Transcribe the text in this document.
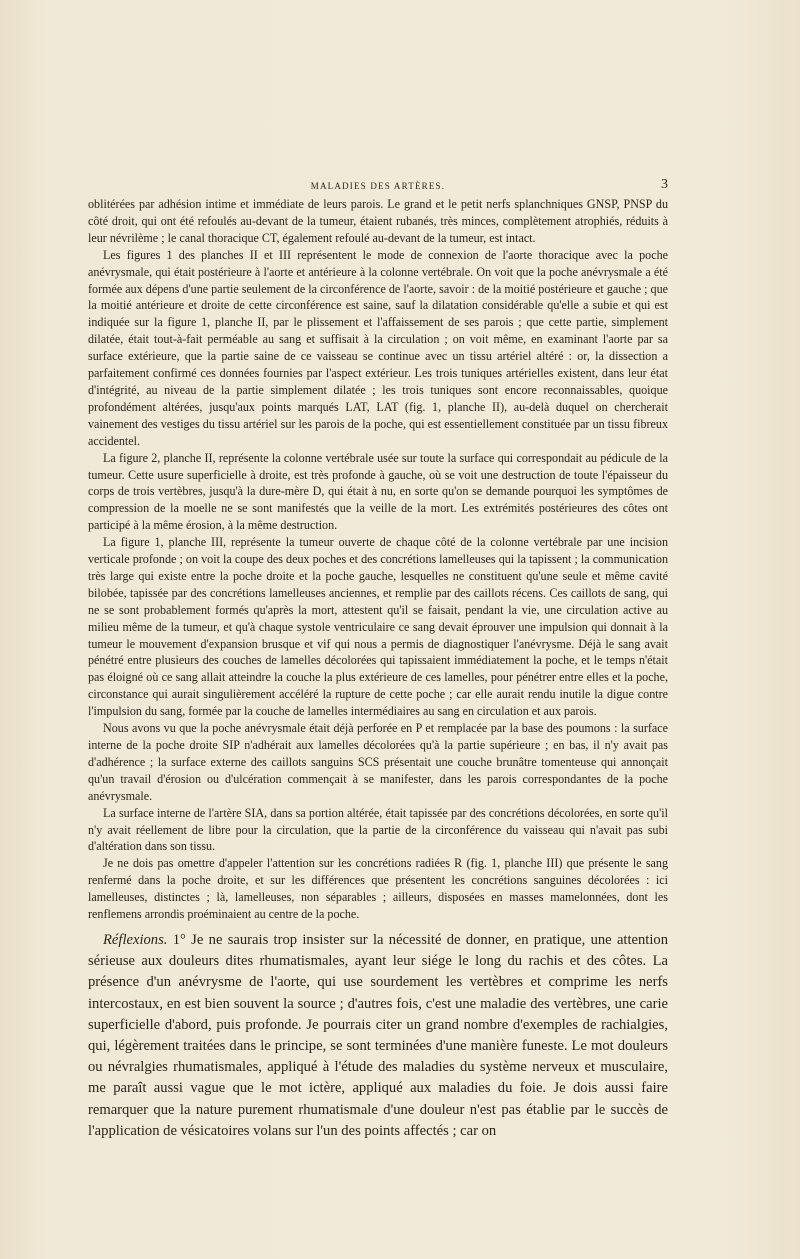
MALADIES DES ARTÈRES.	3

oblitérées par adhésion intime et immédiate de leurs parois. Le grand et le petit nerfs splanchniques GNSP, PNSP du côté droit, qui ont été refoulés au-devant de la tumeur, étaient rubanés, très minces, complètement atrophiés, réduits à leur névrilème ; le canal thoracique CT, également refoulé au-devant de la tumeur, est intact.

Les figures 1 des planches II et III représentent le mode de connexion de l'aorte thoracique avec la poche anévrysmale, qui était postérieure à l'aorte et antérieure à la colonne vertébrale. On voit que la poche anévrysmale a été formée aux dépens d'une partie seulement de la circonférence de l'aorte, savoir : de la moitié postérieure et gauche ; que la moitié antérieure et droite de cette circonférence est saine, sauf la dilatation considérable qu'elle a subie et qui est indiquée sur la figure 1, planche II, par le plissement et l'affaissement de ses parois ; que cette partie, simplement dilatée, était tout-à-fait perméable au sang et suffisait à la circulation ; on voit même, en examinant l'aorte par sa surface extérieure, que la partie saine de ce vaisseau se continue avec un tissu artériel altéré : or, la dissection a parfaitement confirmé ces données fournies par l'aspect extérieur. Les trois tuniques artérielles existent, dans leur état d'intégrité, au niveau de la partie simplement dilatée ; les trois tuniques sont encore reconnaissables, quoique profondément altérées, jusqu'aux points marqués LAT, LAT (fig. 1, planche II), au-delà duquel on chercherait vainement des vestiges du tissu artériel sur les parois de la poche, qui est essentiellement constituée par un tissu fibreux accidentel.

La figure 2, planche II, représente la colonne vertébrale usée sur toute la surface qui correspondait au pédicule de la tumeur. Cette usure superficielle à droite, est très profonde à gauche, où se voit une destruction de toute l'épaisseur du corps de trois vertèbres, jusqu'à la dure-mère D, qui était à nu, en sorte qu'on se demande pourquoi les symptômes de compression de la moelle ne se sont manifestés que la veille de la mort. Les extrémités postérieures des côtes ont participé à la même érosion, à la même destruction.

La figure 1, planche III, représente la tumeur ouverte de chaque côté de la colonne vertébrale par une incision verticale profonde ; on voit la coupe des deux poches et des concrétions lamelleuses qui la tapissent ; la communication très large qui existe entre la poche droite et la poche gauche, lesquelles ne constituent qu'une seule et même cavité bilobée, tapissée par des concrétions lamelleuses anciennes, et remplie par des caillots récens. Ces caillots de sang, qui ne se sont probablement formés qu'après la mort, attestent qu'il se faisait, pendant la vie, une circulation active au milieu même de la tumeur, et qu'à chaque systole ventriculaire ce sang devait éprouver une impulsion qui donnait à la tumeur le mouvement d'expansion brusque et vif qui nous a permis de diagnostiquer l'anévrysme. Déjà le sang avait pénétré entre plusieurs des couches de lamelles décolorées qui tapissaient immédiatement la poche, et le temps n'était pas éloigné où ce sang allait atteindre la couche la plus extérieure de ces lamelles, pour pénétrer entre elles et la poche, circonstance qui aurait singulièrement accéléré la rupture de cette poche ; car elle aurait rendu inutile la digue contre l'impulsion du sang, formée par la couche de lamelles intermédiaires au sang en circulation et aux parois.

Nous avons vu que la poche anévrysmale était déjà perforée en P et remplacée par la base des poumons : la surface interne de la poche droite SIP n'adhérait aux lamelles décolorées qu'à la partie supérieure ; en bas, il n'y avait pas d'adhérence ; la surface externe des caillots sanguins SCS présentait une couche brunâtre tomenteuse qui annonçait qu'un travail d'érosion ou d'ulcération commençait à se manifester, dans les parois correspondantes de la poche anévrysmale.

La surface interne de l'artère SIA, dans sa portion altérée, était tapissée par des concrétions décolorées, en sorte qu'il n'y avait réellement de libre pour la circulation, que la partie de la circonférence du vaisseau qui n'avait pas subi d'altération dans son tissu.

Je ne dois pas omettre d'appeler l'attention sur les concrétions radiées R (fig. 1, planche III) que présente le sang renfermé dans la poche droite, et sur les différences que présentent les concrétions sanguines décolorées : ici lamelleuses, distinctes ; là, lamelleuses, non séparables ; ailleurs, disposées en masses mamelonnées, dont les renflemens arrondis proéminaient au centre de la poche.

Réflexions. 1° Je ne saurais trop insister sur la nécessité de donner, en pratique, une attention sérieuse aux douleurs dites rhumatismales, ayant leur siége le long du rachis et des côtes. La présence d'un anévrysme de l'aorte, qui use sourdement les vertèbres et comprime les nerfs intercostaux, en est bien souvent la source ; d'autres fois, c'est une maladie des vertèbres, une carie superficielle d'abord, puis profonde. Je pourrais citer un grand nombre d'exemples de rachialgies, qui, légèrement traitées dans le principe, se sont terminées d'une manière funeste. Le mot douleurs ou névralgies rhumatismales, appliqué à l'étude des maladies du système nerveux et musculaire, me paraît aussi vague que le mot ictère, appliqué aux maladies du foie. Je dois aussi faire remarquer que la nature purement rhumatismale d'une douleur n'est pas établie par le succès de l'application de vésicatoires volans sur l'un des points affectés ; car on
